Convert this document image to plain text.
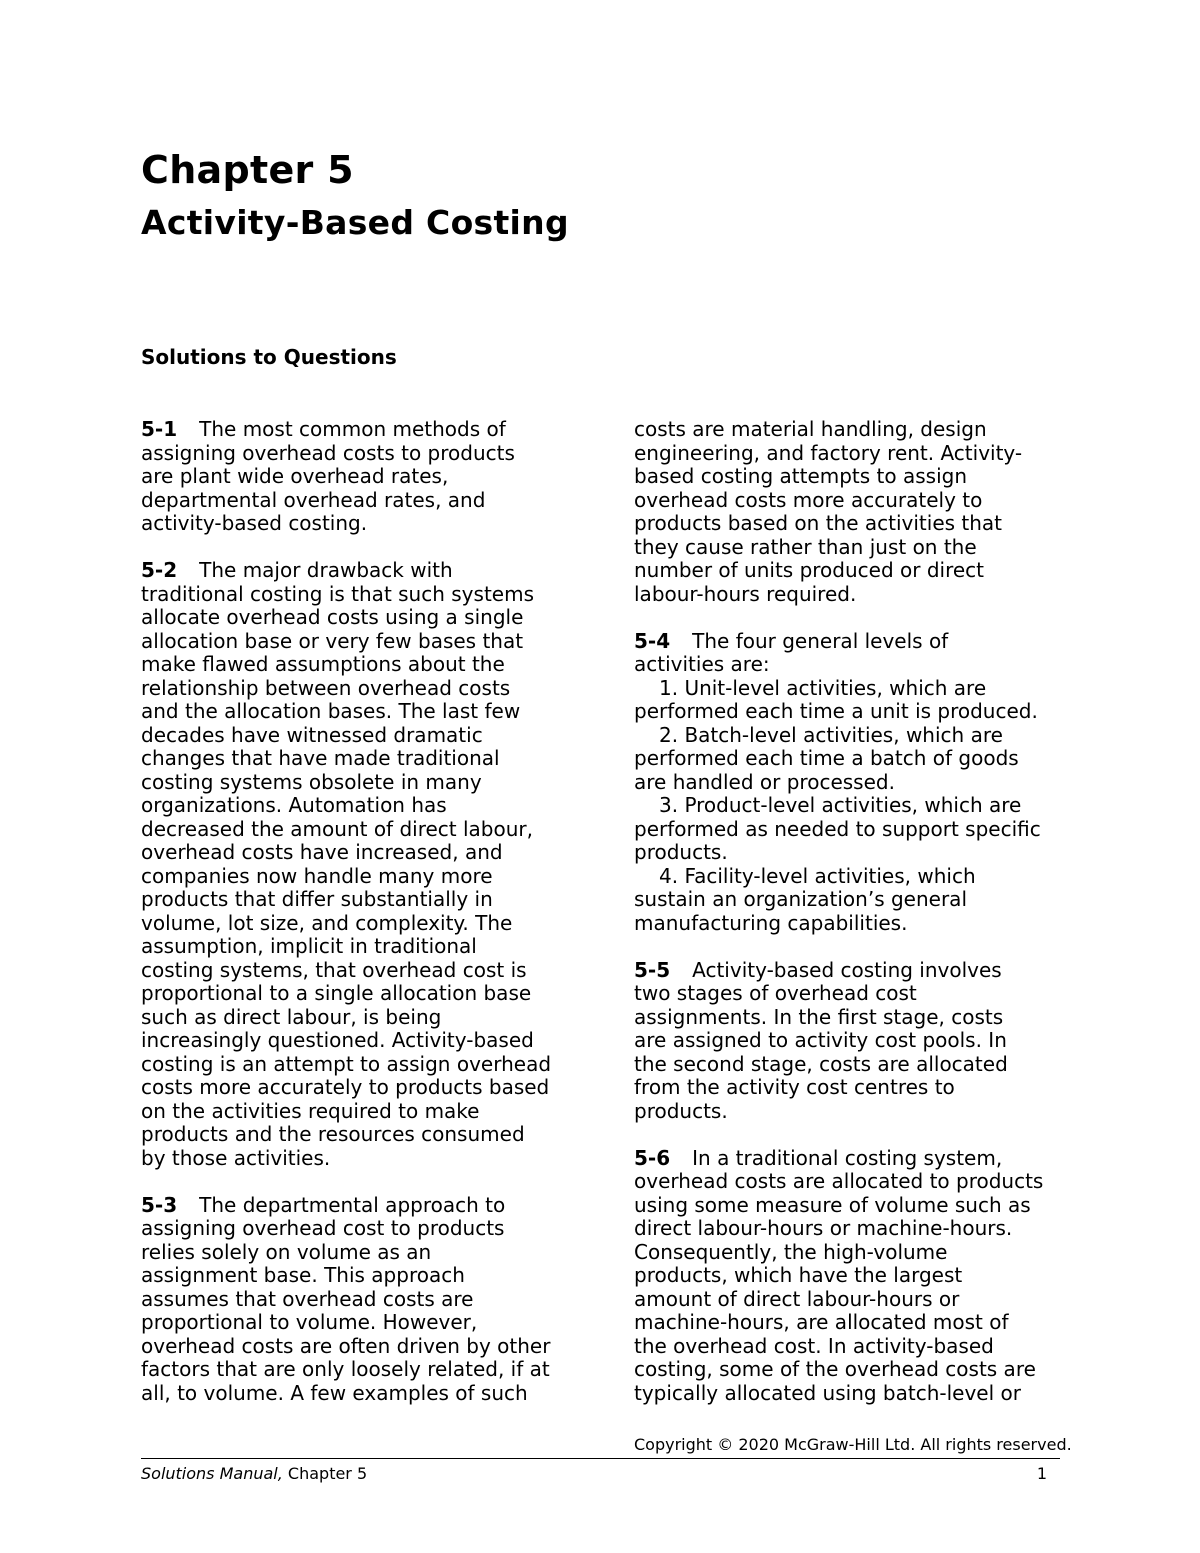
Chapter 5
Activity-Based Costing
Solutions to Questions

5-1 The most common methods of
assigning overhead costs to products
are plant wide overhead rates,
departmental overhead rates, and
activity-based costing.

5-2 The major drawback with
traditional costing is that such systems
allocate overhead costs using a single
allocation base or very few bases that
make flawed assumptions about the
relationship between overhead costs
and the allocation bases. The last few
decades have witnessed dramatic
changes that have made traditional
costing systems obsolete in many
organizations. Automation has
decreased the amount of direct labour,
overhead costs have increased, and
companies now handle many more
products that differ substantially in
volume, lot size, and complexity. The
assumption, implicit in traditional
costing systems, that overhead cost is
proportional to a single allocation base
such as direct labour, is being
increasingly questioned. Activity-based
costing is an attempt to assign overhead
costs more accurately to products based
on the activities required to make
products and the resources consumed
by those activities.

5-3 The departmental approach to
assigning overhead cost to products
relies solely on volume as an
assignment base. This approach
assumes that overhead costs are
proportional to volume. However,
overhead costs are often driven by other
factors that are only loosely related, if at
all, to volume. A few examples of such

costs are material handling, design
engineering, and factory rent. Activity-
based costing attempts to assign
overhead costs more accurately to
products based on the activities that
they cause rather than just on the
number of units produced or direct
labour-hours required.

5-4 The four general levels of
activities are:
1. Unit-level activities, which are
performed each time a unit is produced.
2. Batch-level activities, which are
performed each time a batch of goods
are handled or processed.
3. Product-level activities, which are
performed as needed to support specific
products.
4. Facility-level activities, which
sustain an organization’s general
manufacturing capabilities.

5-5 Activity-based costing involves
two stages of overhead cost
assignments. In the first stage, costs
are assigned to activity cost pools. In
the second stage, costs are allocated
from the activity cost centres to
products.

5-6 In a traditional costing system,
overhead costs are allocated to products
using some measure of volume such as
direct labour-hours or machine-hours.
Consequently, the high-volume
products, which have the largest
amount of direct labour-hours or
machine-hours, are allocated most of
the overhead cost. In activity-based
costing, some of the overhead costs are
typically allocated using batch-level or

Copyright © 2020 McGraw-Hill Ltd. All rights reserved.

Solutions Manual, Chapter 5	1
